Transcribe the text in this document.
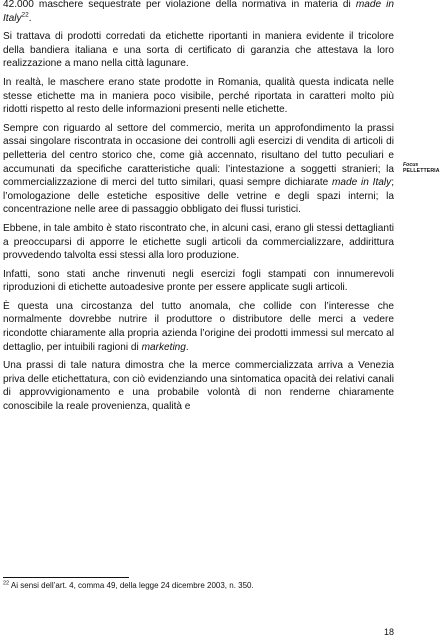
42.000 maschere sequestrate per violazione della normativa in materia di made in Italy$^{22}$.

Si trattava di prodotti corredati da etichette riportanti in maniera evidente il tricolore della bandiera italiana e una sorta di certificato di garanzia che attestava la loro realizzazione a mano nella città lagunare.

In realtà, le maschere erano state prodotte in Romania, qualità questa indicata nelle stesse etichette ma in maniera poco visibile, perché riportata in caratteri molto più ridotti rispetto al resto delle informazioni presenti nelle etichette.

Sempre con riguardo al settore del commercio, merita un approfondimento la prassi assai singolare riscontrata in occasione dei controlli agli esercizi di vendita di articoli di pelletteria del centro storico che, come già accennato, risultano del tutto peculiari e accumunati da specifiche caratteristiche quali: l’intestazione a soggetti stranieri; la commercializzazione di merci del tutto similari, quasi sempre dichiarate made in Italy; l’omologazione delle estetiche espositive delle vetrine e degli spazi interni; la concentrazione nelle aree di passaggio obbligato dei flussi turistici.

Ebbene, in tale ambito è stato riscontrato che, in alcuni casi, erano gli stessi dettaglianti a preoccuparsi di apporre le etichette sugli articoli da commercializzare, addirittura provvedendo talvolta essi stessi alla loro produzione.

Infatti, sono stati anche rinvenuti negli esercizi fogli stampati con innumerevoli riproduzioni di etichette autoadesive pronte per essere applicate sugli articoli.

È questa una circostanza del tutto anomala, che collide con l’interesse che normalmente dovrebbe nutrire il produttore o distributore delle merci a vedere ricondotte chiaramente alla propria azienda l’origine dei prodotti immessi sul mercato al dettaglio, per intuibili ragioni di marketing.

Una prassi di tale natura dimostra che la merce commercializzata arriva a Venezia priva delle etichettatura, con ciò evidenziando una sintomatica opacità dei relativi canali di approvvigionamento e una probabile volontà di non renderne chiaramente conoscibile la reale provenienza, qualità e

Focus
PELLETTERIA
$^{22}$ Ai sensi dell’art. 4, comma 49, della legge 24 dicembre 2003, n. 350.
18
